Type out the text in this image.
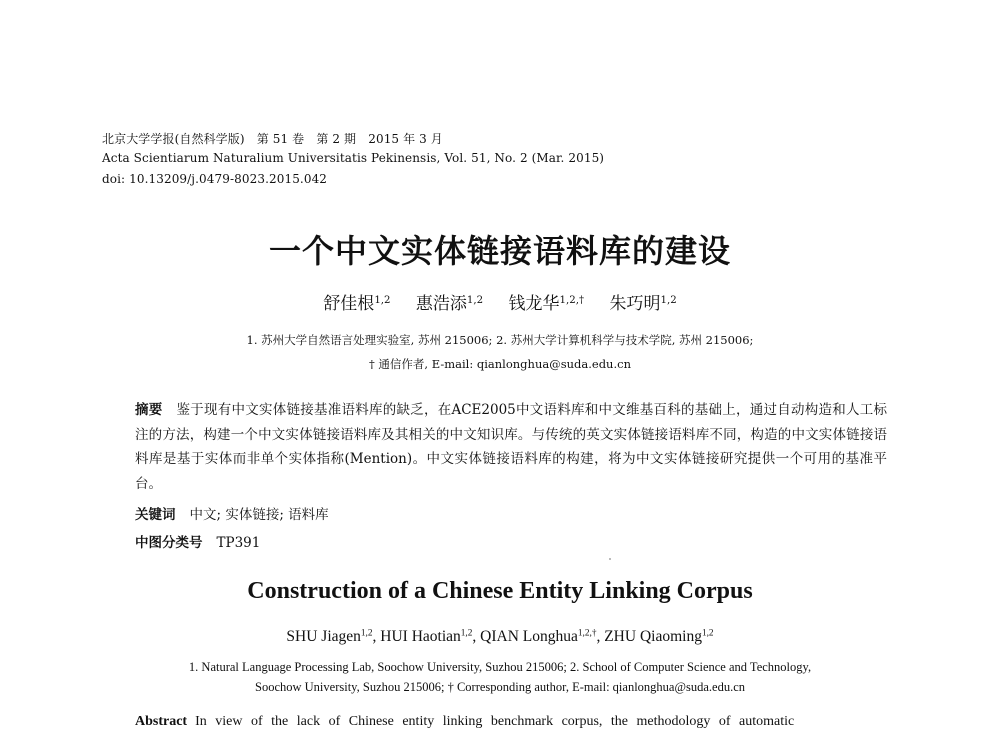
北京大学学报(自然科学版)　第 51 卷　第 2 期　2015 年 3 月
Acta Scientiarum Naturalium Universitatis Pekinensis, Vol. 51, No. 2 (Mar. 2015)
doi: 10.13209/j.0479-8023.2015.042
一个中文实体链接语料库的建设
舒佳根$^{1,2}$ 惠浩添$^{1,2}$ 钱龙华$^{1,2,\dagger}$ 朱巧明$^{1,2}$
1. 苏州大学自然语言处理实验室, 苏州 215006; 2. 苏州大学计算机科学与技术学院, 苏州 215006;
† 通信作者, E-mail: qianlonghua@suda.edu.cn
摘要 鉴于现有中文实体链接基准语料库的缺乏，在ACE2005中文语料库和中文维基百科的基础上，通过自动构造和人工标注的方法，构建一个中文实体链接语料库及其相关的中文知识库。与传统的英文实体链接语料库不同，构造的中文实体链接语料库是基于实体而非单个实体指称(Mention)。中文实体链接语料库的构建，将为中文实体链接研究提供一个可用的基准平台。
关键词 中文; 实体链接; 语料库
中图分类号 TP391
Construction of a Chinese Entity Linking Corpus
SHU Jiagen$^{1,2}$, HUI Haotian$^{1,2}$, QIAN Longhua$^{1,2,\dagger}$, ZHU Qiaoming$^{1,2}$
1. Natural Language Processing Lab, Soochow University, Suzhou 215006; 2. School of Computer Science and Technology,
Soochow University, Suzhou 215006; † Corresponding author, E-mail: qianlonghua@suda.edu.cn
Abstract In view of the lack of Chinese entity linking benchmark corpus, the methodology of automatic
